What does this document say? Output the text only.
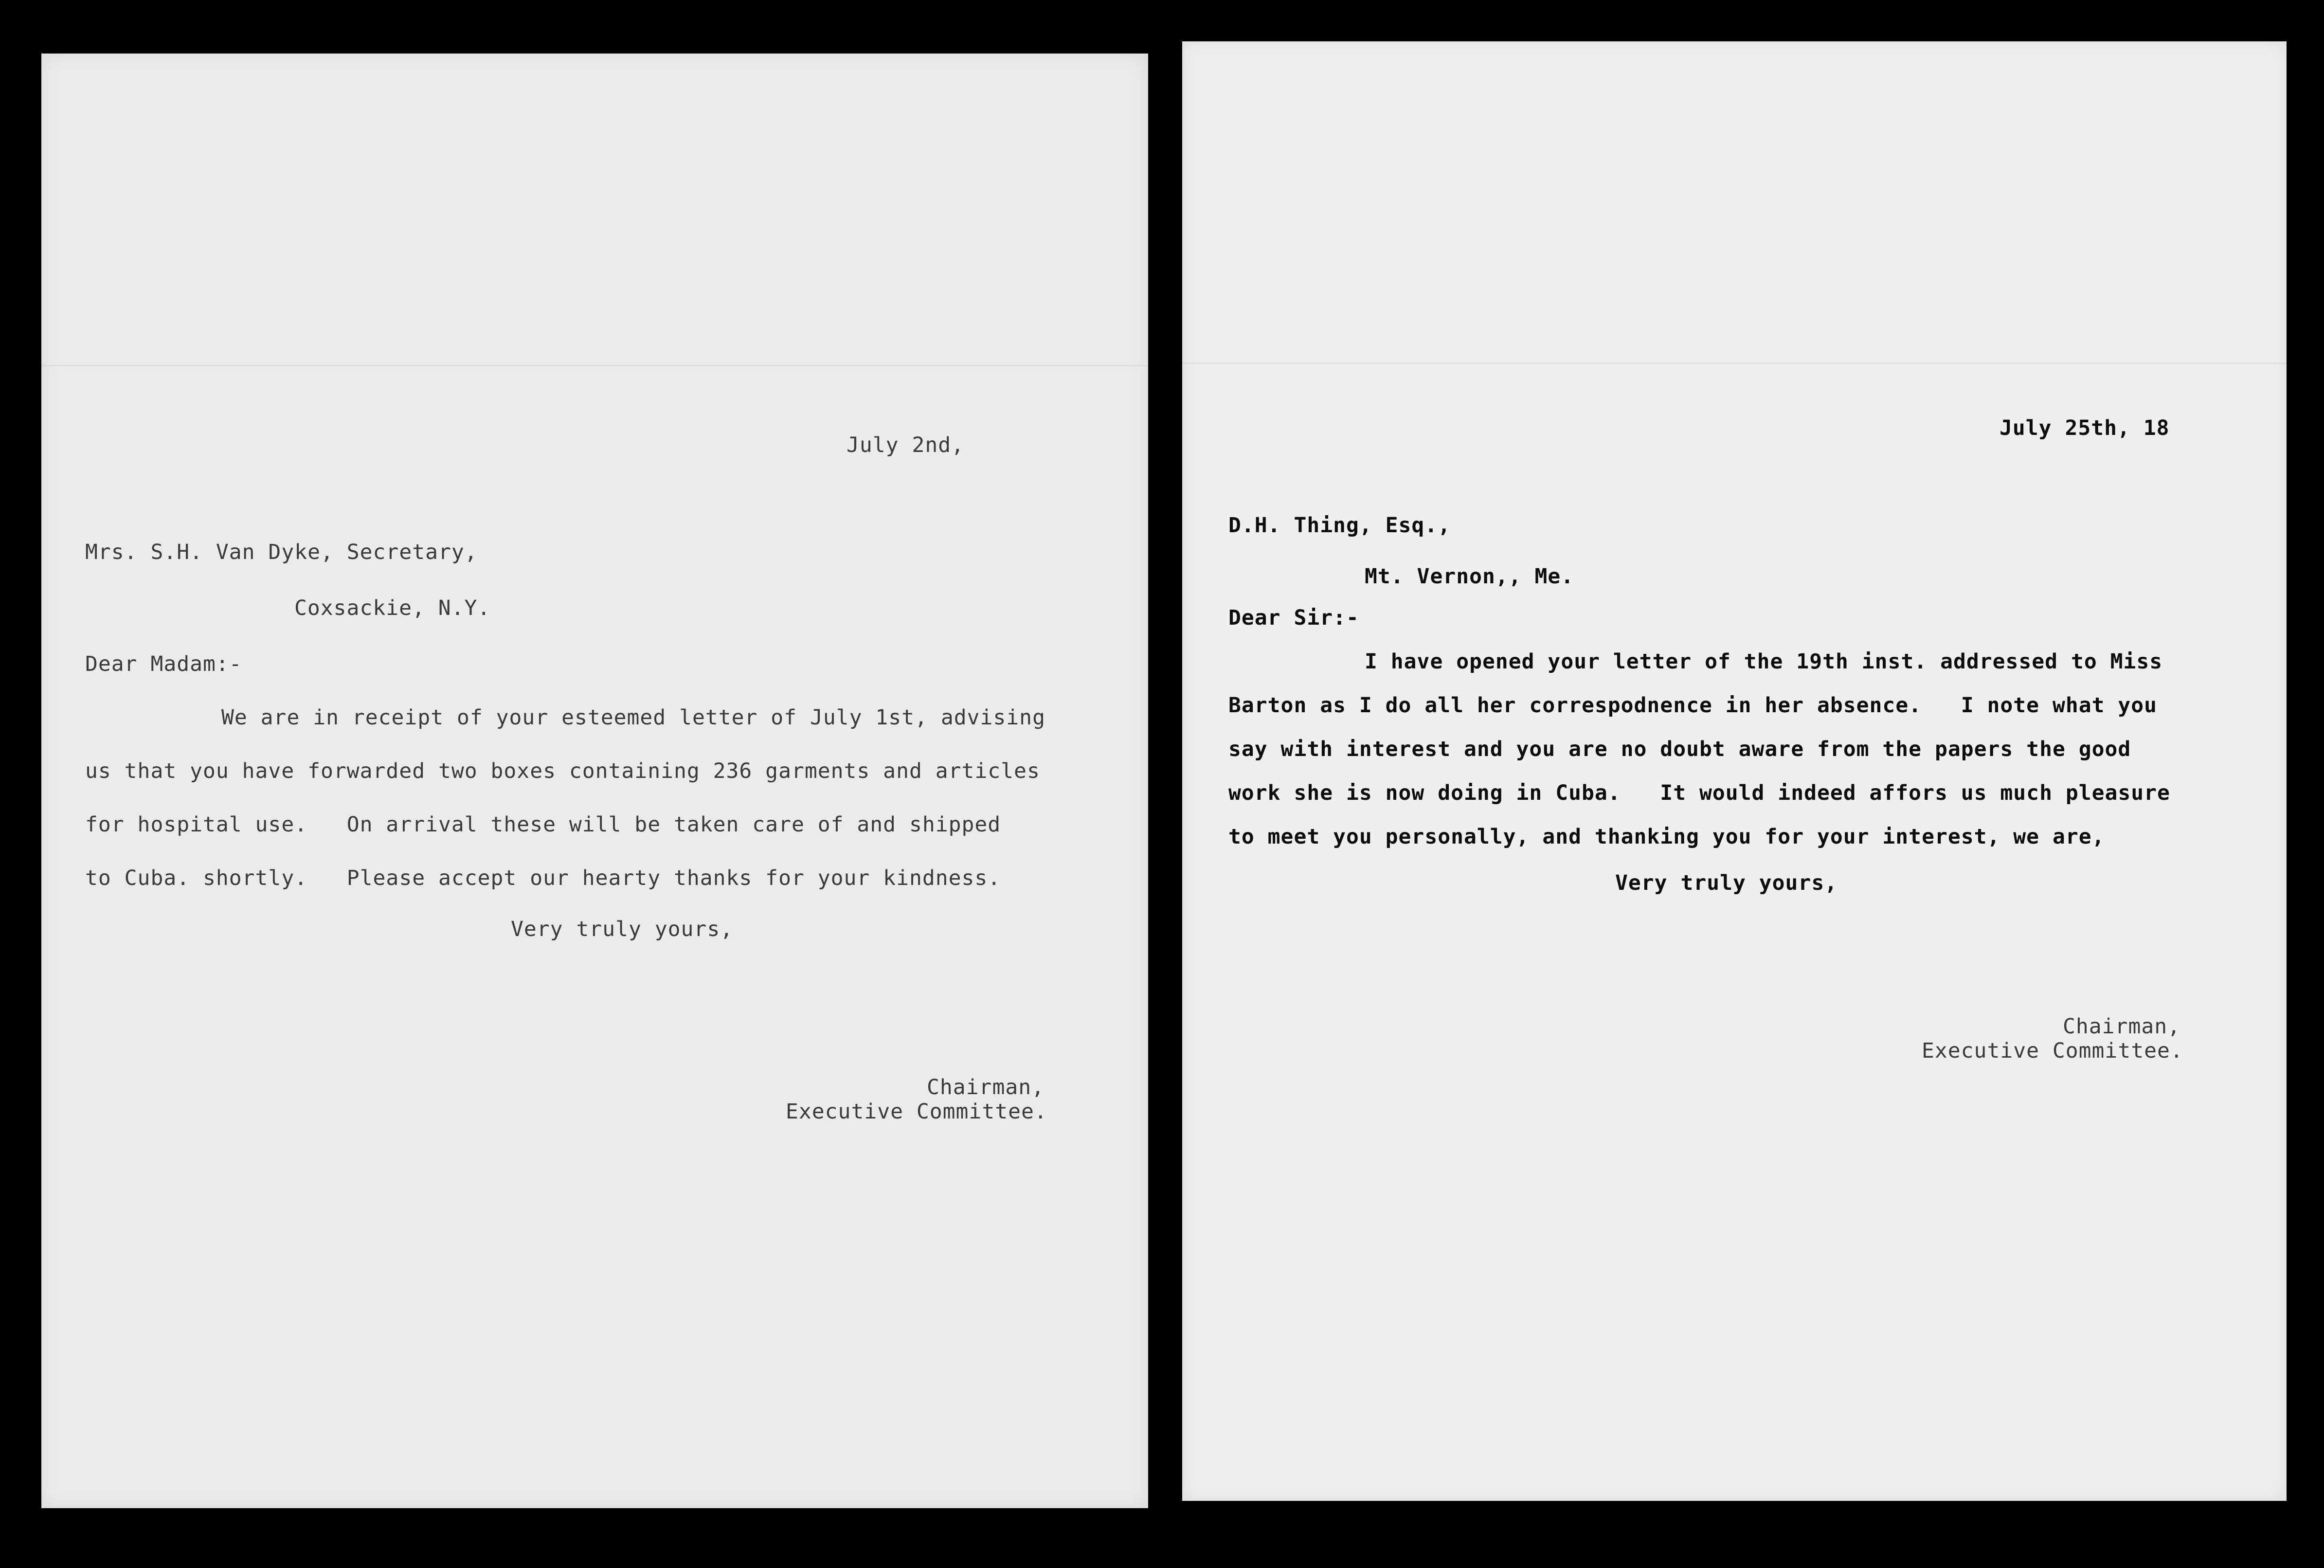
July 2nd,
Mrs. S.H. Van Dyke, Secretary,
Coxsackie, N.Y.
Dear Madam:-
We are in receipt of your esteemed letter of July 1st, advising
us that you have forwarded two boxes containing 236 garments and articles
for hospital use.   On arrival these will be taken care of and shipped
to Cuba. shortly.   Please accept our hearty thanks for your kindness.
Very truly yours,
Chairman,
Executive Committee.
July 25th, 18
D.H. Thing, Esq.,
Mt. Vernon,, Me.
Dear Sir:-
I have opened your letter of the 19th inst. addressed to Miss
Barton as I do all her correspodnence in her absence.   I note what you
say with interest and you are no doubt aware from the papers the good
work she is now doing in Cuba.   It would indeed affors us much pleasure
to meet you personally, and thanking you for your interest, we are,
Very truly yours,
Chairman,
Executive Committee.
